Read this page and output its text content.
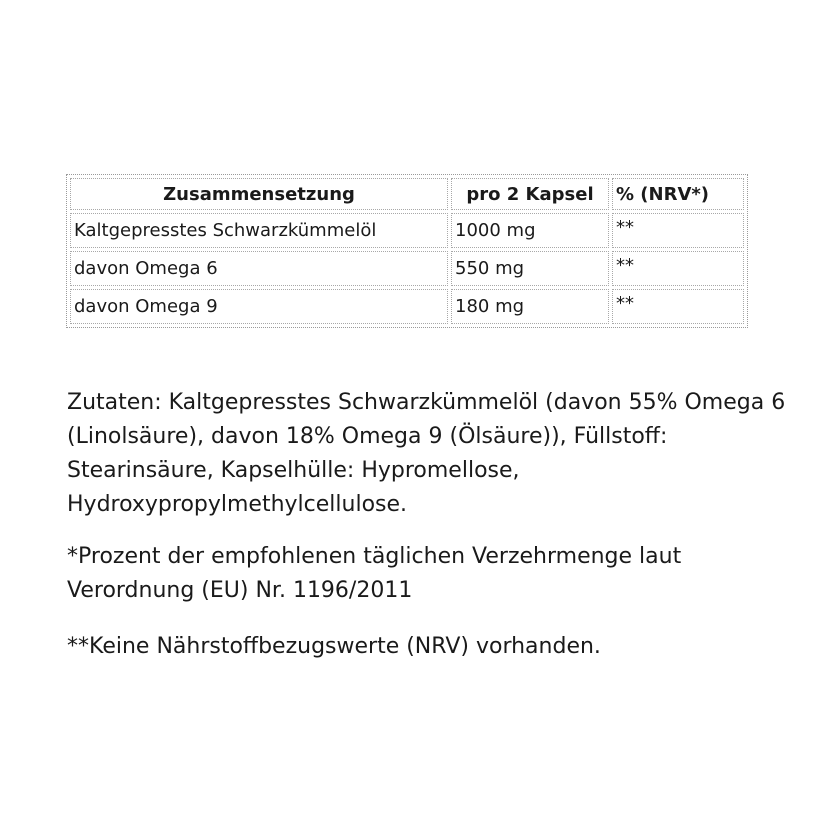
Zusammensetzung	pro 2 Kapsel	% (NRV*)
Kaltgepresstes Schwarzkümmelöl	1000 mg	**
davon Omega 6	550 mg	**
davon Omega 9	180 mg	**

Zutaten: Kaltgepresstes Schwarzkümmelöl (davon 55% Omega 6 (Linolsäure), davon 18% Omega 9 (Ölsäure)), Füllstoff: Stearinsäure, Kapselhülle: Hypromellose, Hydroxypropylmethylcellulose.

*Prozent der empfohlenen täglichen Verzehrmenge laut Verordnung (EU) Nr. 1196/2011

**Keine Nährstoffbezugswerte (NRV) vorhanden.
